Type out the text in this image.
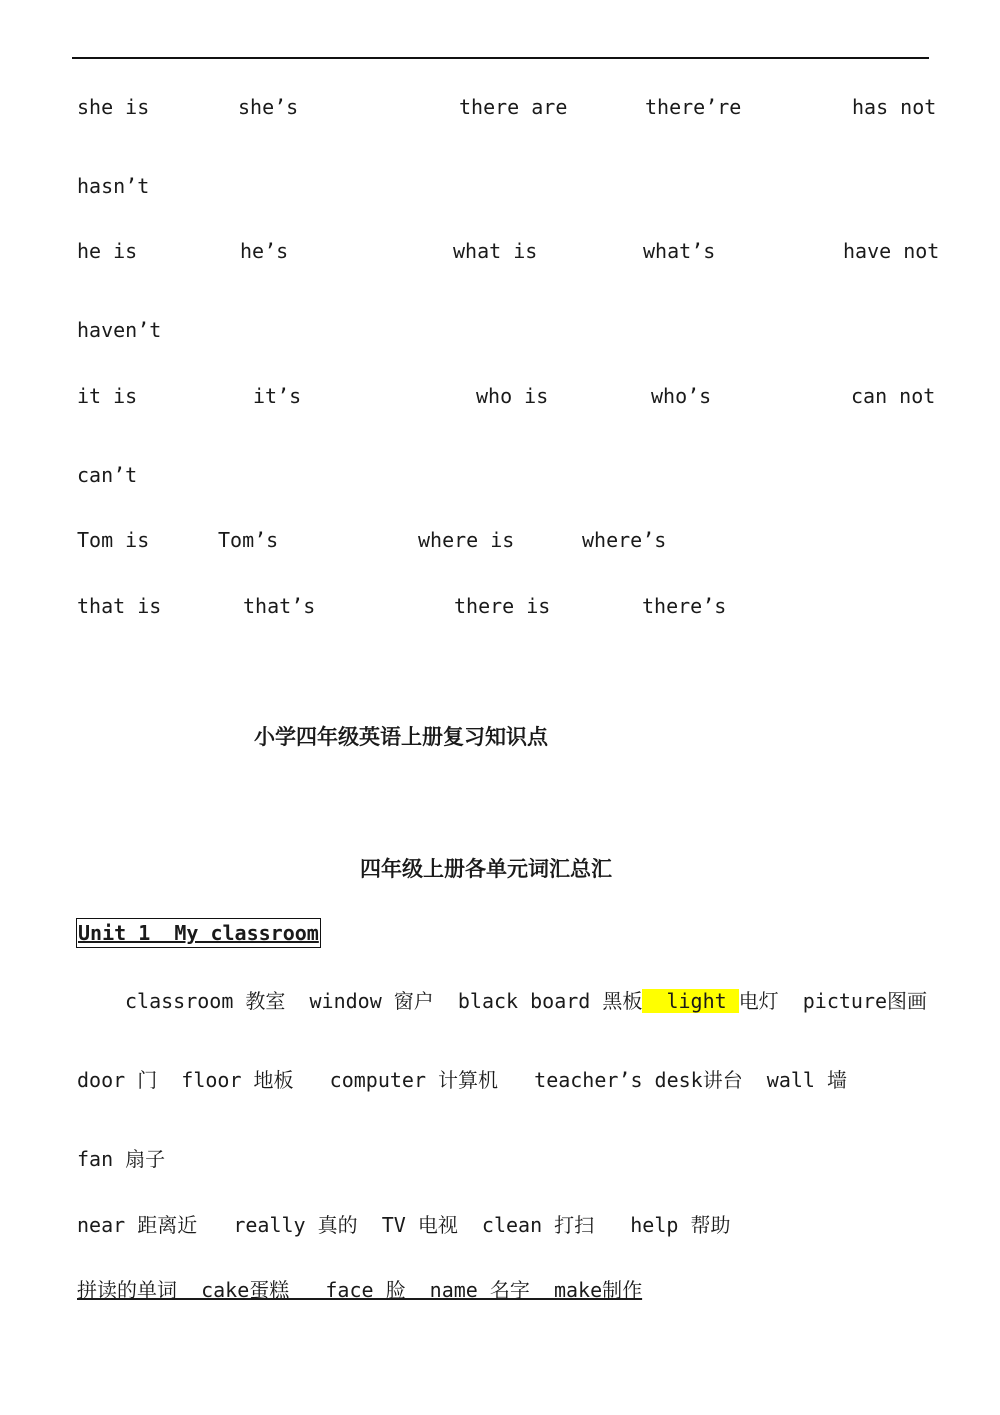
she is	she’s	there are	there’re	has not
hasn’t
he is	he’s	what is	what’s	have not
haven’t
it is	it’s	who is	who’s	can not
can’t
Tom is	Tom’s	where is	where’s
that is	that’s	there is	there’s
小学四年级英语上册复习知识点
四年级上册各单元词汇总汇
Unit 1  My classroom
classroom 教室  window 窗户  black board 黑板  light 电灯  picture图画
door 门  floor 地板   computer 计算机   teacher’s desk讲台  wall 墙
fan 扇子
near 距离近   really 真的  TV 电视  clean 打扫   help 帮助
拼读的单词  cake蛋糕   face 脸  name 名字  make制作
